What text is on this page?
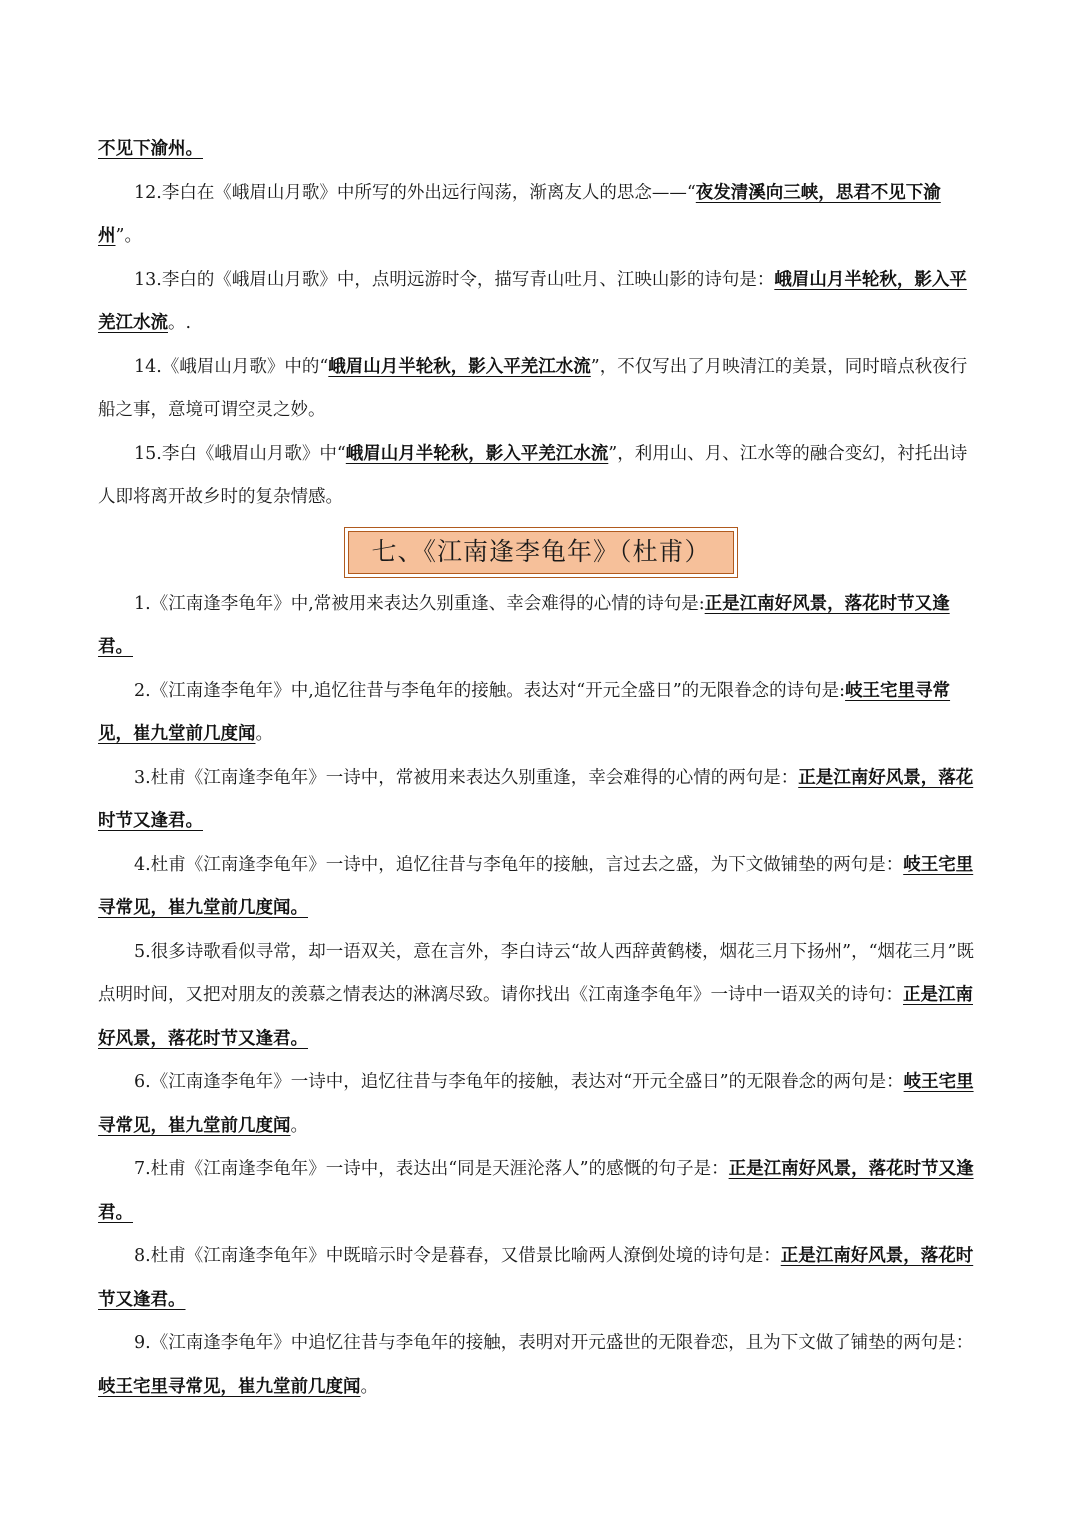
不见下渝州。

12.李白在《峨眉山月歌》中所写的外出远行闯荡，渐离友人的思念——“夜发清溪向三峡，思君不见下渝州”。

13.李白的《峨眉山月歌》中，点明远游时令，描写青山吐月、江映山影的诗句是：峨眉山月半轮秋，影入平羌江水流。.

14.《峨眉山月歌》中的“峨眉山月半轮秋，影入平羌江水流”，不仅写出了月映清江的美景，同时暗点秋夜行船之事，意境可谓空灵之妙。

15.李白《峨眉山月歌》中“峨眉山月半轮秋，影入平羌江水流”，利用山、月、江水等的融合变幻，衬托出诗人即将离开故乡时的复杂情感。

七、《江南逢李龟年》（杜甫）

1.《江南逢李龟年》中,常被用来表达久别重逢、幸会难得的心情的诗句是:正是江南好风景，落花时节又逢君。

2.《江南逢李龟年》中,追忆往昔与李龟年的接触。表达对“开元全盛日”的无限眷念的诗句是:岐王宅里寻常见，崔九堂前几度闻。

3.杜甫《江南逢李龟年》一诗中，常被用来表达久别重逢，幸会难得的心情的两句是：正是江南好风景，落花时节又逢君。

4.杜甫《江南逢李龟年》一诗中，追忆往昔与李龟年的接触，言过去之盛，为下文做铺垫的两句是：岐王宅里寻常见，崔九堂前几度闻。

5.很多诗歌看似寻常，却一语双关，意在言外，李白诗云“故人西辞黄鹤楼，烟花三月下扬州”，“烟花三月”既点明时间，又把对朋友的羡慕之情表达的淋漓尽致。请你找出《江南逢李龟年》一诗中一语双关的诗句：正是江南好风景，落花时节又逢君。

6.《江南逢李龟年》一诗中，追忆往昔与李龟年的接触，表达对“开元全盛日”的无限眷念的两句是：岐王宅里寻常见，崔九堂前几度闻。

7.杜甫《江南逢李龟年》一诗中，表达出“同是天涯沦落人”的感慨的句子是：正是江南好风景，落花时节又逢君。

8.杜甫《江南逢李龟年》中既暗示时令是暮春，又借景比喻两人潦倒处境的诗句是：正是江南好风景，落花时节又逢君。

9.《江南逢李龟年》中追忆往昔与李龟年的接触，表明对开元盛世的无限眷恋，且为下文做了铺垫的两句是：岐王宅里寻常见，崔九堂前几度闻。
